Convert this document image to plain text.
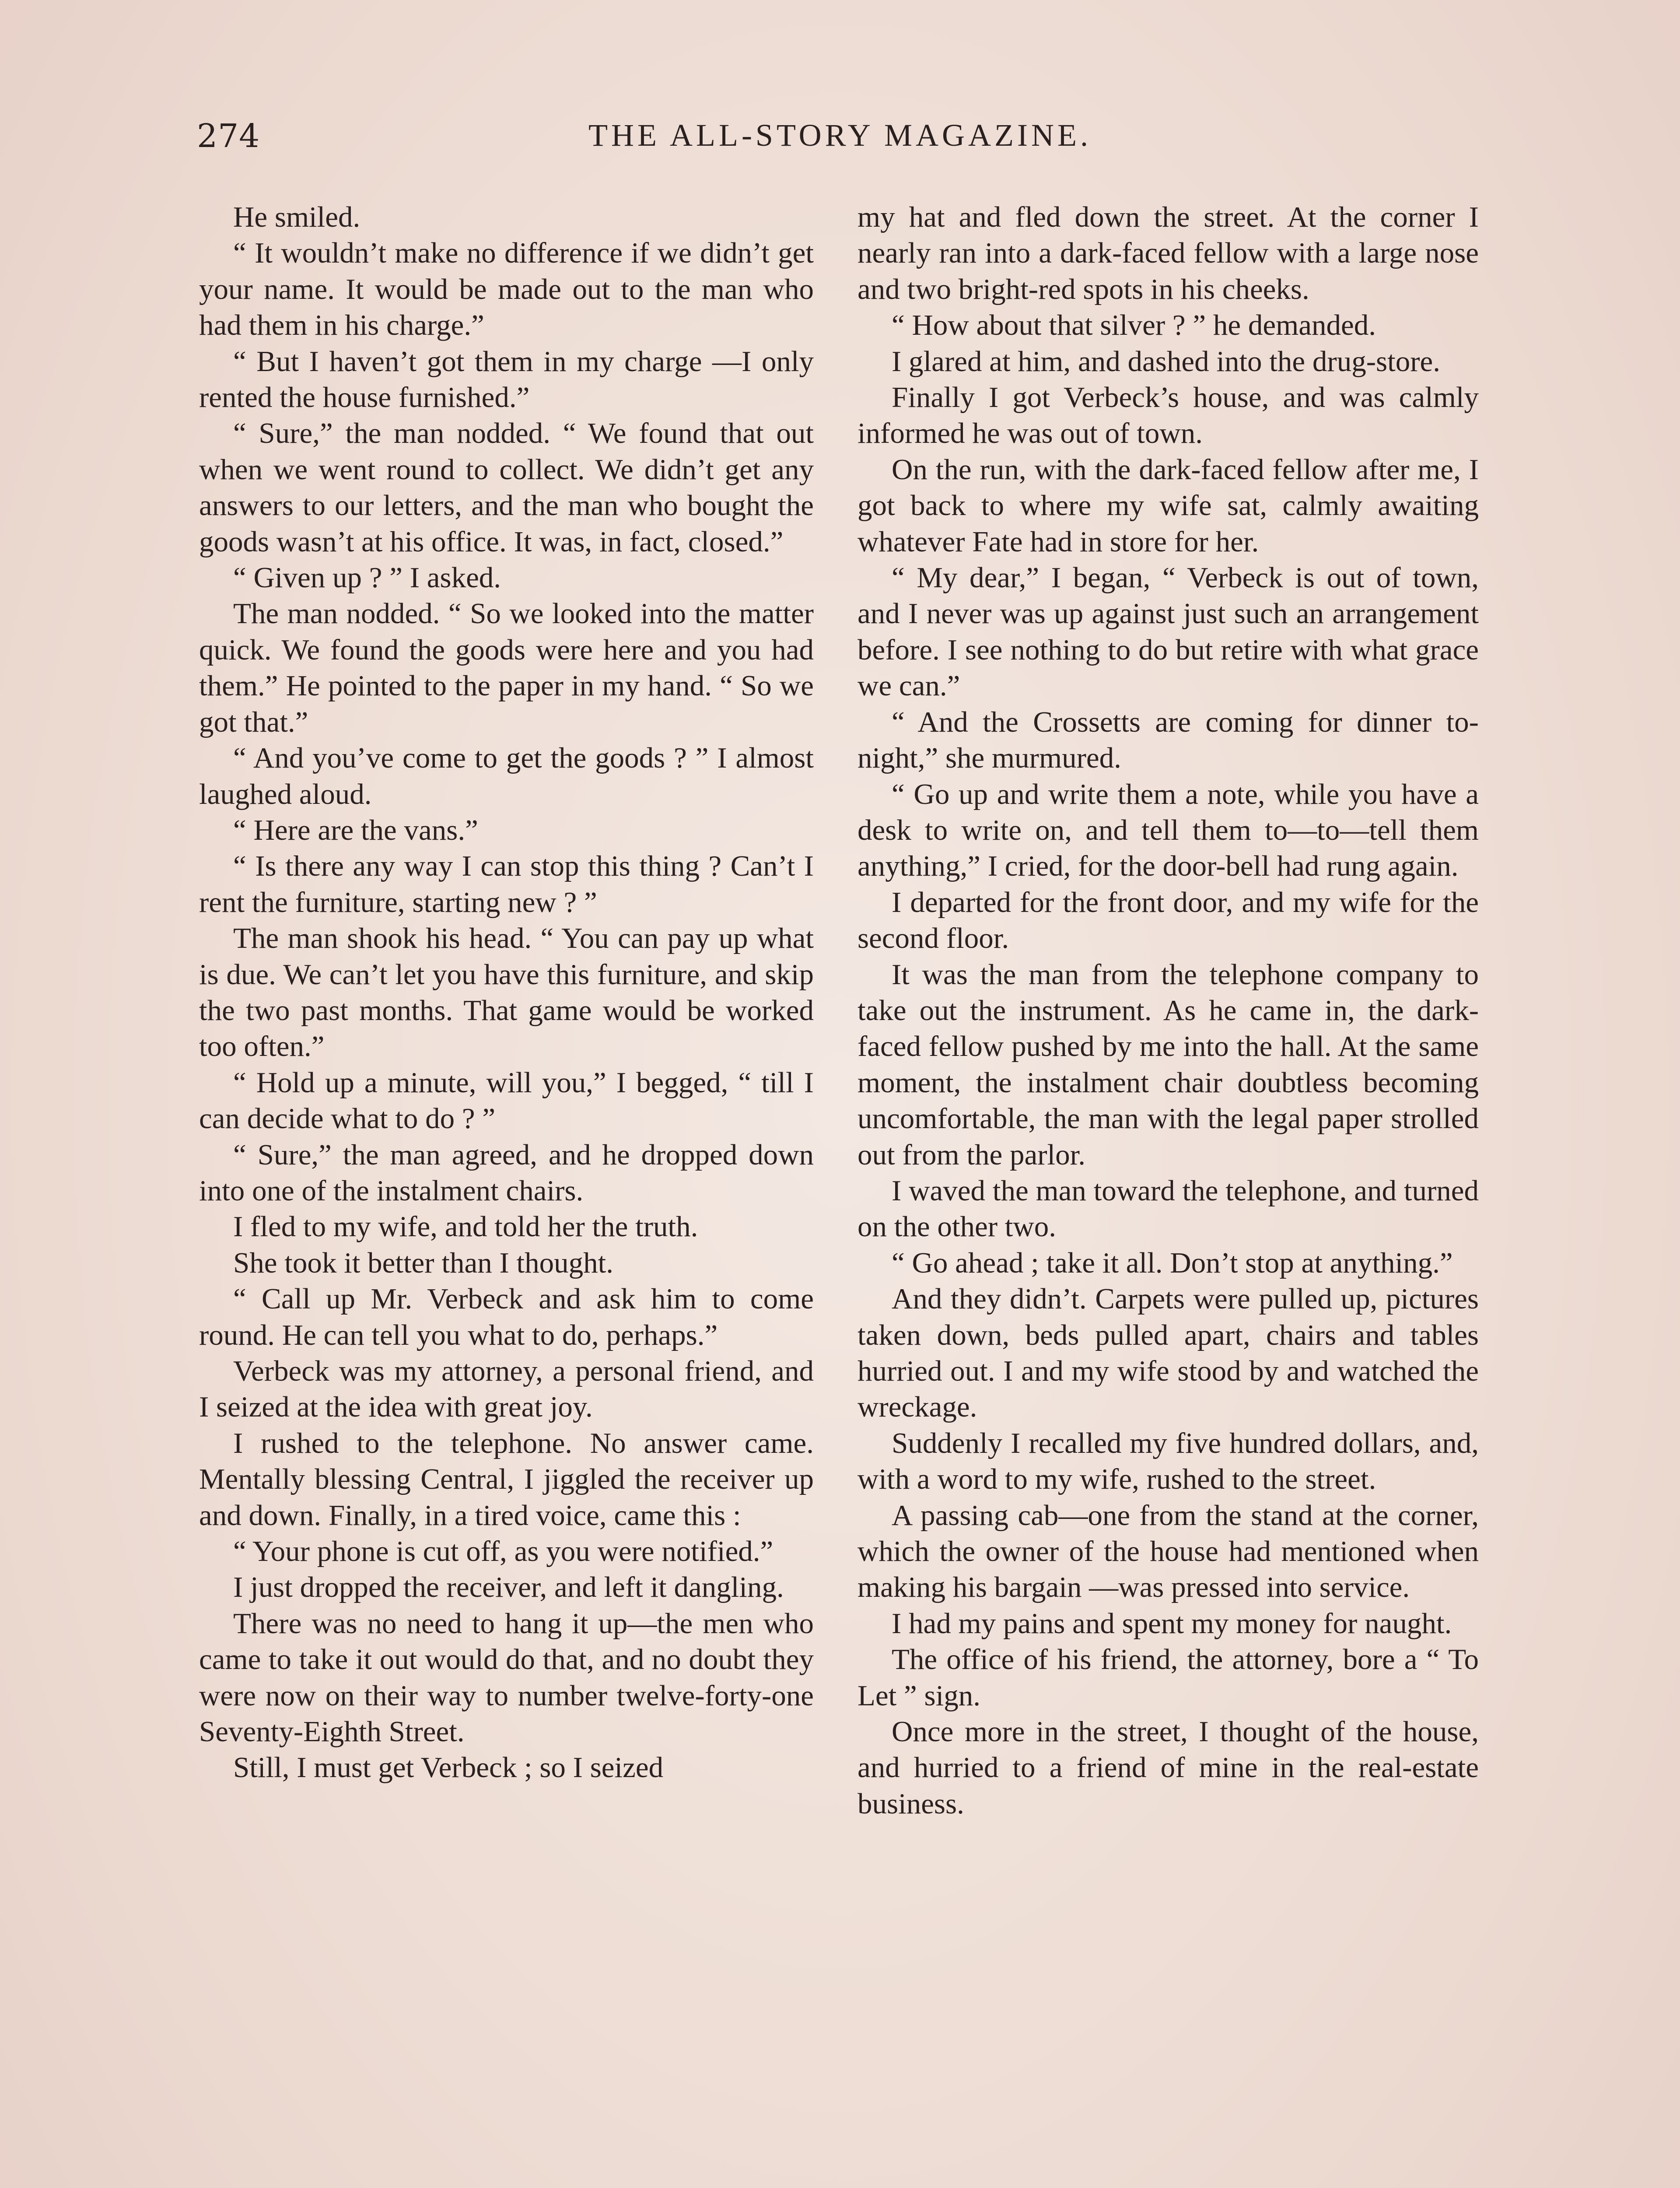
274	THE ALL-STORY MAGAZINE.

He smiled.

“ It wouldn’t make no difference if we didn’t get your name. It would be made out to the man who had them in his charge.”

“ But I haven’t got them in my charge —I only rented the house furnished.”

“ Sure,” the man nodded. “ We found that out when we went round to collect. We didn’t get any answers to our letters, and the man who bought the goods wasn’t at his office. It was, in fact, closed.”

“ Given up ? ” I asked.

The man nodded. “ So we looked into the matter quick. We found the goods were here and you had them.” He pointed to the paper in my hand. “ So we got that.”

“ And you’ve come to get the goods ? ” I almost laughed aloud.

“ Here are the vans.”

“ Is there any way I can stop this thing ? Can’t I rent the furniture, starting new ? ”

The man shook his head. “ You can pay up what is due. We can’t let you have this furniture, and skip the two past months. That game would be worked too often.”

“ Hold up a minute, will you,” I begged, “ till I can decide what to do ? ”

“ Sure,” the man agreed, and he dropped down into one of the instalment chairs.

I fled to my wife, and told her the truth.

She took it better than I thought.

“ Call up Mr. Verbeck and ask him to come round. He can tell you what to do, perhaps.”

Verbeck was my attorney, a personal friend, and I seized at the idea with great joy.

I rushed to the telephone. No answer came. Mentally blessing Central, I jiggled the receiver up and down. Finally, in a tired voice, came this :

“ Your phone is cut off, as you were notified.”

I just dropped the receiver, and left it dangling.

There was no need to hang it up—the men who came to take it out would do that, and no doubt they were now on their way to number twelve-forty-one Seventy-Eighth Street.

Still, I must get Verbeck ; so I seized

my hat and fled down the street. At the corner I nearly ran into a dark-faced fellow with a large nose and two bright-red spots in his cheeks.

“ How about that silver ? ” he demanded.

I glared at him, and dashed into the drug-store.

Finally I got Verbeck’s house, and was calmly informed he was out of town.

On the run, with the dark-faced fellow after me, I got back to where my wife sat, calmly awaiting whatever Fate had in store for her.

“ My dear,” I began, “ Verbeck is out of town, and I never was up against just such an arrangement before. I see nothing to do but retire with what grace we can.”

“ And the Crossetts are coming for dinner to-night,” she murmured.

“ Go up and write them a note, while you have a desk to write on, and tell them to—to—tell them anything,” I cried, for the door-bell had rung again.

I departed for the front door, and my wife for the second floor.

It was the man from the telephone company to take out the instrument. As he came in, the dark-faced fellow pushed by me into the hall. At the same moment, the instalment chair doubtless becoming uncomfortable, the man with the legal paper strolled out from the parlor.

I waved the man toward the telephone, and turned on the other two.

“ Go ahead ; take it all. Don’t stop at anything.”

And they didn’t. Carpets were pulled up, pictures taken down, beds pulled apart, chairs and tables hurried out. I and my wife stood by and watched the wreckage.

Suddenly I recalled my five hundred dollars, and, with a word to my wife, rushed to the street.

A passing cab—one from the stand at the corner, which the owner of the house had mentioned when making his bargain —was pressed into service.

I had my pains and spent my money for naught.

The office of his friend, the attorney, bore a “ To Let ” sign.

Once more in the street, I thought of the house, and hurried to a friend of mine in the real-estate business.
